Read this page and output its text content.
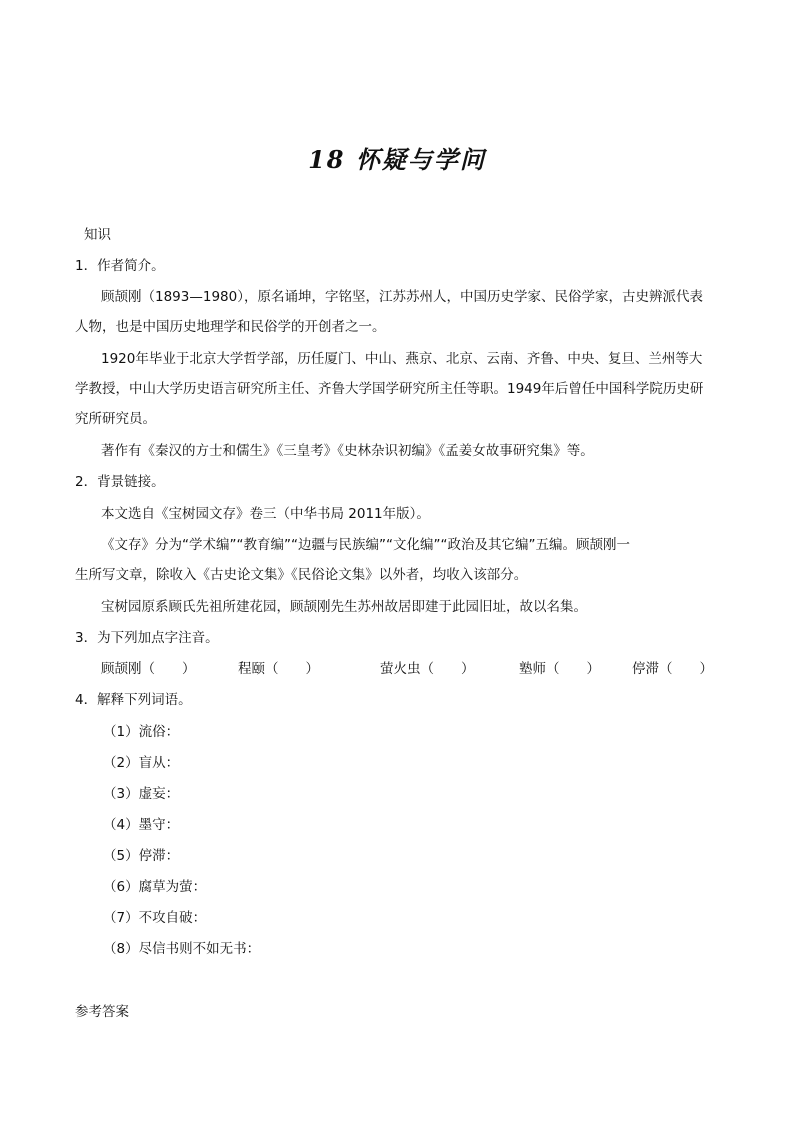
18 怀疑与学问
知识
1．作者简介。
顾颉刚（1893—1980），原名诵坤，字铭坚，江苏苏州人，中国历史学家、民俗学家，古史辨派代表
人物，也是中国历史地理学和民俗学的开创者之一。
1920年毕业于北京大学哲学部，历任厦门、中山、燕京、北京、云南、齐鲁、中央、复旦、兰州等大
学教授，中山大学历史语言研究所主任、齐鲁大学国学研究所主任等职。1949年后曾任中国科学院历史研
究所研究员。
著作有《秦汉的方士和儒生》《三皇考》《史林杂识初编》《孟姜女故事研究集》等。
2．背景链接。
本文选自《宝树园文存》卷三（中华书局 2011年版）。
《文存》分为“学术编”“教育编”“边疆与民族编”“文化编”“政治及其它编”五编。顾颉刚一
生所写文章，除收入《古史论文集》《民俗论文集》以外者，均收入该部分。
宝树园原系顾氏先祖所建花园，顾颉刚先生苏州故居即建于此园旧址，故以名集。
3．为下列加点字注音。
顾颉刚（　　）	程颐（　　）	萤火虫（　　）	塾师（　　） 停滞（　　）
4．解释下列词语。
（1）流俗：
（2）盲从：
（3）虚妄：
（4）墨守：
（5）停滞：
（6）腐草为萤：
（7）不攻自破：
（8）尽信书则不如无书：
参考答案
